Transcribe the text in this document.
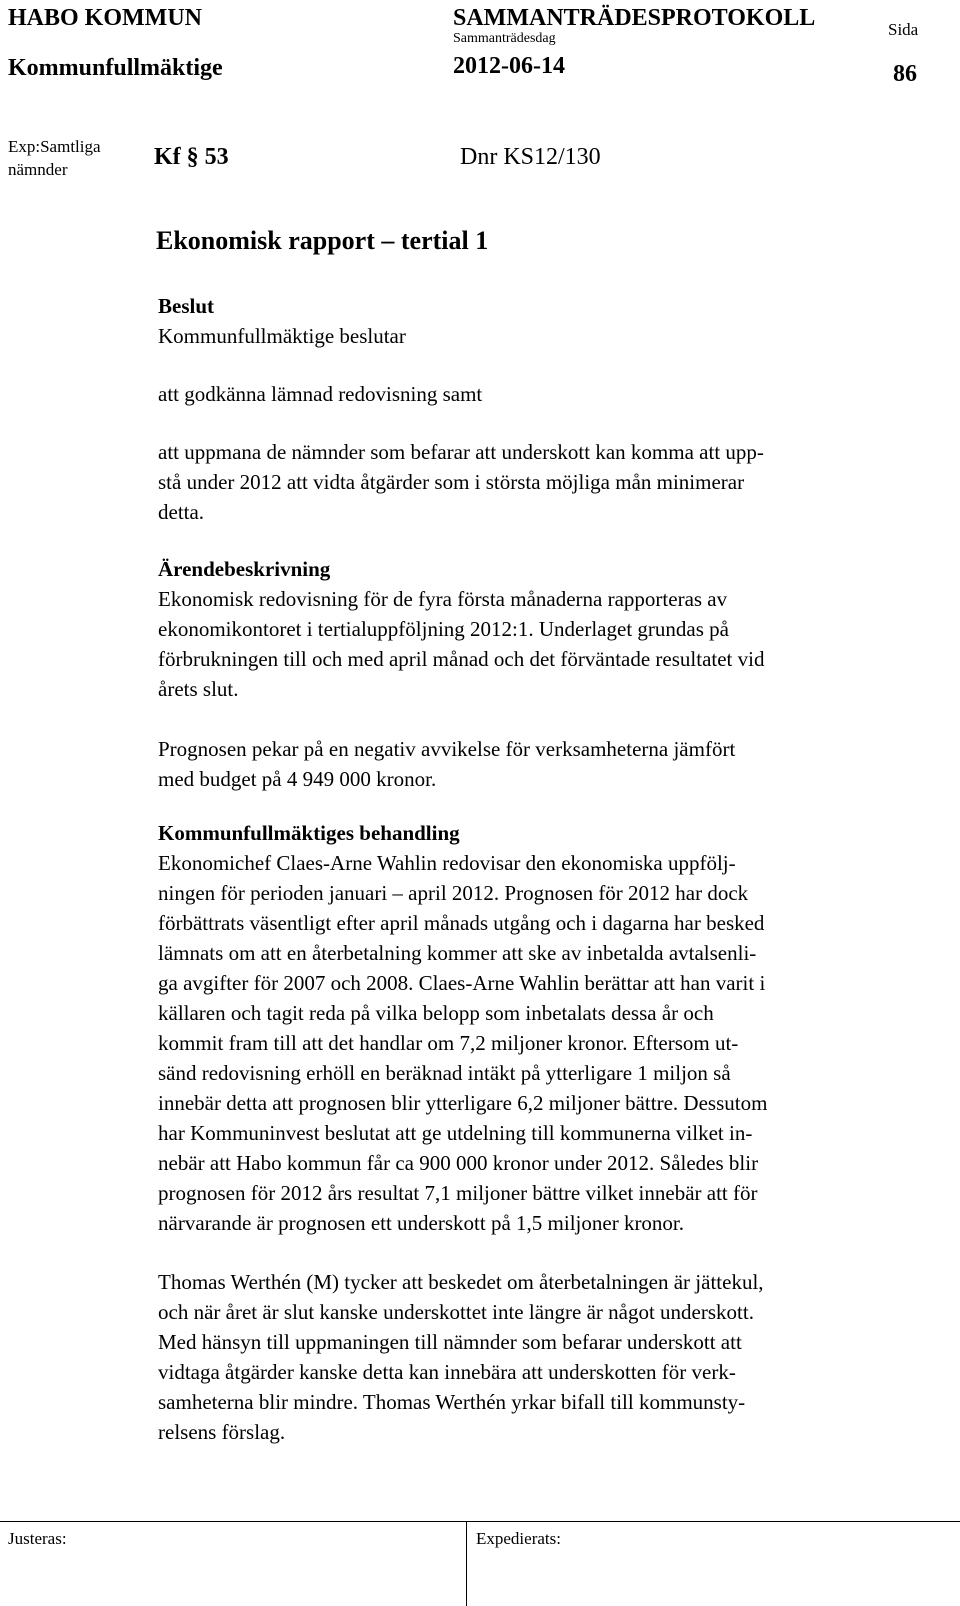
HABO KOMMUN
Kommunfullmäktige
SAMMANTRÄDESPROTOKOLL
Sammanträdesdag
2012-06-14
Sida
86
Exp:Samtliga
nämnder	Kf § 53	Dnr KS12/130
Ekonomisk rapport – tertial 1
Beslut
Kommunfullmäktige beslutar
att godkänna lämnad redovisning samt
att uppmana de nämnder som befarar att underskott kan komma att upp-
stå under 2012 att vidta åtgärder som i största möjliga mån minimerar
detta.
Ärendebeskrivning
Ekonomisk redovisning för de fyra första månaderna rapporteras av
ekonomikontoret i tertialuppföljning 2012:1. Underlaget grundas på
förbrukningen till och med april månad och det förväntade resultatet vid
årets slut.
Prognosen pekar på en negativ avvikelse för verksamheterna jämfört
med budget på 4 949 000 kronor.
Kommunfullmäktiges behandling
Ekonomichef Claes-Arne Wahlin redovisar den ekonomiska uppfölj-
ningen för perioden januari – april 2012. Prognosen för 2012 har dock
förbättrats väsentligt efter april månads utgång och i dagarna har besked
lämnats om att en återbetalning kommer att ske av inbetalda avtalsenli-
ga avgifter för 2007 och 2008. Claes-Arne Wahlin berättar att han varit i
källaren och tagit reda på vilka belopp som inbetalats dessa år och
kommit fram till att det handlar om 7,2 miljoner kronor. Eftersom ut-
sänd redovisning erhöll en beräknad intäkt på ytterligare 1 miljon så
innebär detta att prognosen blir ytterligare 6,2 miljoner bättre. Dessutom
har Kommuninvest beslutat att ge utdelning till kommunerna vilket in-
nebär att Habo kommun får ca 900 000 kronor under 2012. Således blir
prognosen för 2012 års resultat 7,1 miljoner bättre vilket innebär att för
närvarande är prognosen ett underskott på 1,5 miljoner kronor.
Thomas Werthén (M) tycker att beskedet om återbetalningen är jättekul,
och när året är slut kanske underskottet inte längre är något underskott.
Med hänsyn till uppmaningen till nämnder som befarar underskott att
vidtaga åtgärder kanske detta kan innebära att underskotten för verk-
samheterna blir mindre. Thomas Werthén yrkar bifall till kommunsty-
relsens förslag.
Justeras:	Expedierats:
